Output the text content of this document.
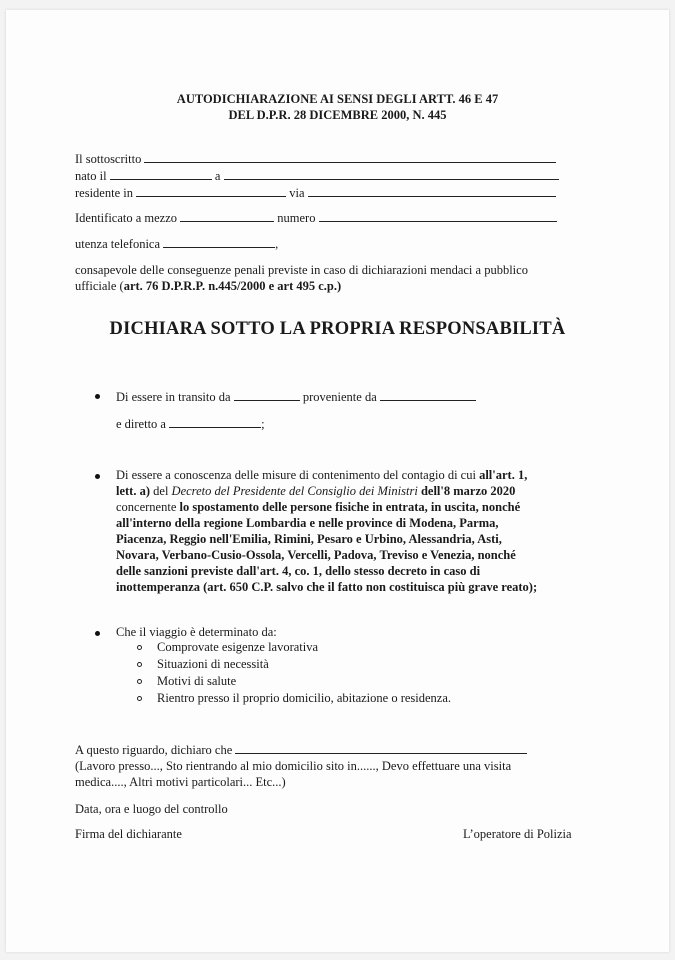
AUTODICHIARAZIONE AI SENSI DEGLI ARTT. 46 E 47
DEL D.P.R. 28 DICEMBRE 2000, N. 445
Il sottoscritto
nato il	a
residente in	via
Identificato a mezzo	numero
utenza telefonica	,
consapevole delle conseguenze penali previste in caso di dichiarazioni mendaci a pubblico
ufficiale (art. 76 D.P.R.P. n.445/2000 e art 495 c.p.)
DICHIARA SOTTO LA PROPRIA RESPONSABILITÀ
Di essere in transito da	proveniente da
e diretto a	;
Di essere a conoscenza delle misure di contenimento del contagio di cui all'art. 1,
lett. a) del Decreto del Presidente del Consiglio dei Ministri dell'8 marzo 2020
concernente lo spostamento delle persone fisiche in entrata, in uscita, nonché
all'interno della regione Lombardia e nelle province di Modena, Parma,
Piacenza, Reggio nell'Emilia, Rimini, Pesaro e Urbino, Alessandria, Asti,
Novara, Verbano-Cusio-Ossola, Vercelli, Padova, Treviso e Venezia, nonché
delle sanzioni previste dall'art. 4, co. 1, dello stesso decreto in caso di
inottemperanza (art. 650 C.P. salvo che il fatto non costituisca più grave reato);
Che il viaggio è determinato da:
Comprovate esigenze lavorativa
Situazioni di necessità
Motivi di salute
Rientro presso il proprio domicilio, abitazione o residenza.
A questo riguardo, dichiaro che
(Lavoro presso..., Sto rientrando al mio domicilio sito in......, Devo effettuare una visita
medica...., Altri motivi particolari... Etc...)
Data, ora e luogo del controllo
Firma del dichiarante	L’operatore di Polizia
